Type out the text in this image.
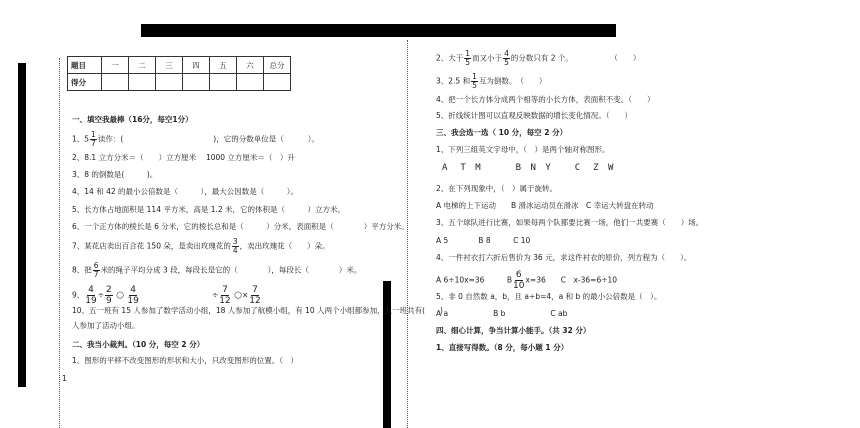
题目	一	二	三	四	五	六	总分
得分							
一、填空我最棒（16分，每空1分）
1、$5 \frac{1}{7}$ 读作：(	)，它的分数单位是（	）。
2、8.1 立方分米＝（　　）立方厘米　 1000 立方厘米＝（　）升
3、8 的倒数是(　　　)。
4、14 和 42 的最小公倍数是（　　　），最大公因数是（　　　）。
5、长方体占地面积是 114 平方米，高是 1.2 米，它的体积是（　　　）立方米。
6、一个正方体的棱长是 6 分米，它的棱长总和是（　　　）分米，表面积是（　　　　）平方分米。
7、某花店卖出百合花 150 朵，是卖出玫瑰花的 $\frac{3}{4}$ ，卖出玫瑰花（　　）朵。
8、把 $\frac{6}{7}$ 米的绳子平均分成 3 段，每段长是它的（　　　　），每段长（　　　　）米。
9、 $\frac{4}{19} \div \frac{2}{9}$ ○ $\frac{4}{19}$	÷ $\frac{7}{12}$ ○× $\frac{7}{12}$
10、五一班有 15 人参加了数学活动小组，18 人参加了航模小组，有 10 人两个小组都参加，五一班共有(　　)
人参加了活动小组。
二、我当小裁判。（10 分，每空 2 分）
1、图形的平移不改变图形的形状和大小，只改变图形的位置。（　）
1
2、大于 $\frac{1}{5}$ 而又小于 $\frac{4}{5}$ 的分数只有 2 个。　　　　　　（　　）
3、2.5 和 $\frac{1}{5}$ 互为倒数。　（　　）
4、把一个长方体分成两个相等的小长方体，表面积不变。（　　）
5、折线统计图可以直观反映数据的增长变化情况。（　　）
三、我会选一选（ 10 分，每空 2 分）
1、下列三组英文字母中，（　）是两个轴对称图形。
A　T M　　　B N Y　　C　Z W
2、在下列现象中，（　）属于旋转。
A 电梯的上下运动　　B 滑冰运动员在滑冰　C 幸运大转盘在转动
3、五个球队进行比赛，如果每两个队都要比赛一场，他们一共要赛（　　）场。
A 5　　　　B 8　　　C 10
4、一件衬衣打六折后售价为 36 元，求这件衬衣的原价，列方程为（　　）。
A 6÷10x=36　　　B $\frac{6}{10} x=36$　　C　x-36=6÷10
5、非 0 自然数 a，b，且 a÷b=4，a 和 b 的最小公倍数是（　）。
A a　　　　　　B b　　　　　　C ab
四、细心计算，争当计算小能手。（共 32 分）
1、直接写得数。（8 分，每小题 1 分）
